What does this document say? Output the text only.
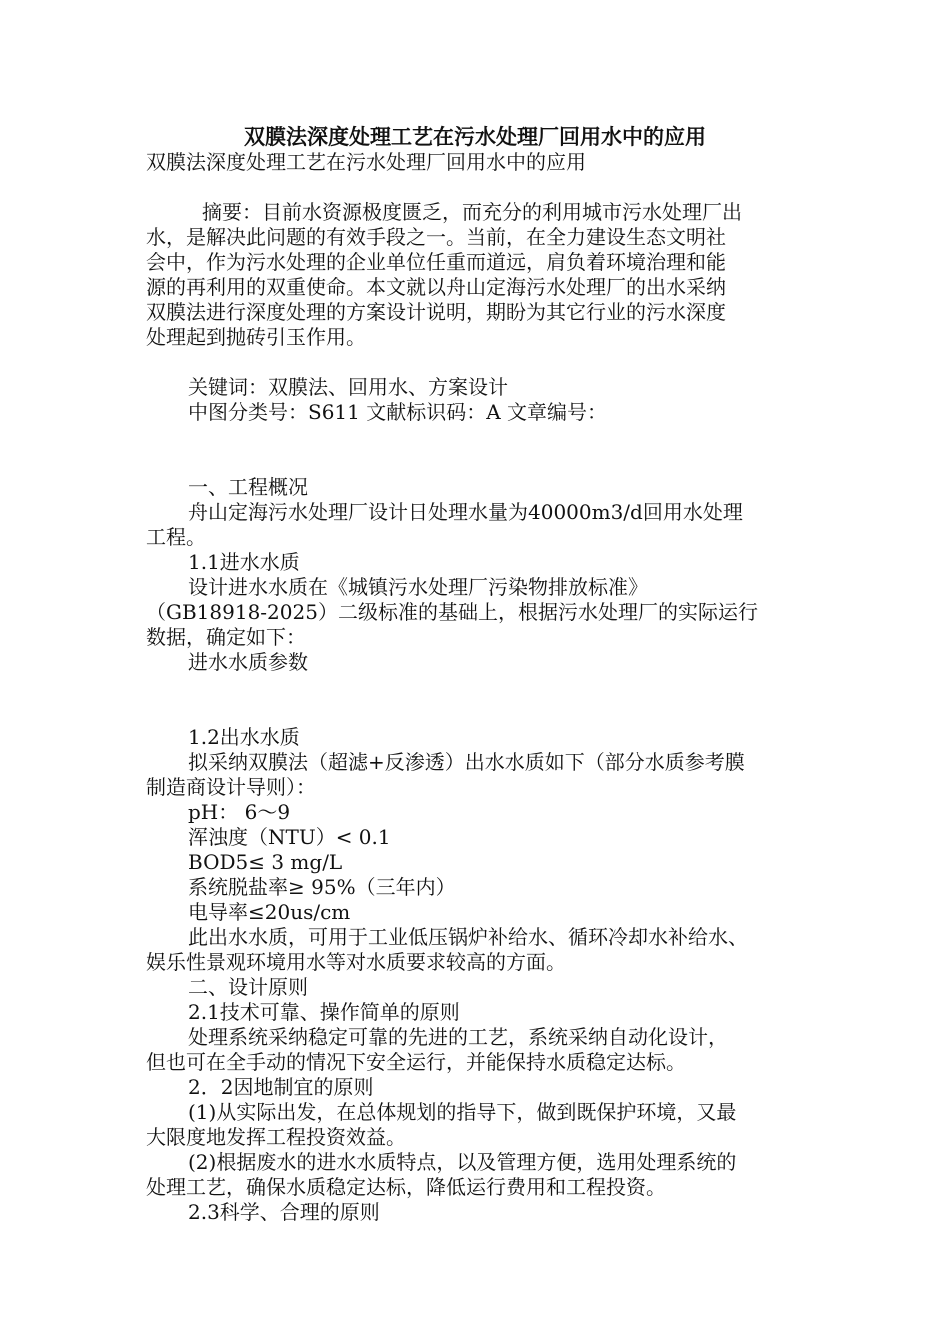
双膜法深度处理工艺在污水处理厂回用水中的应用
双膜法深度处理工艺在污水处理厂回用水中的应用
摘要：目前水资源极度匮乏，而充分的利用城市污水处理厂出
水，是解决此问题的有效手段之一。当前，在全力建设生态文明社
会中，作为污水处理的企业单位任重而道远，肩负着环境治理和能
源的再利用的双重使命。本文就以舟山定海污水处理厂的出水采纳
双膜法进行深度处理的方案设计说明，期盼为其它行业的污水深度
处理起到抛砖引玉作用。
关键词：双膜法、回用水、方案设计
中图分类号：S611 文献标识码：A 文章编号：
一、工程概况
舟山定海污水处理厂设计日处理水量为40000m3/d回用水处理
工程。
1.1进水水质
设计进水水质在《城镇污水处理厂污染物排放标准》
（GB18918-2025）二级标准的基础上，根据污水处理厂的实际运行
数据，确定如下：
进水水质参数
1.2出水水质
拟采纳双膜法（超滤+反渗透）出水水质如下（部分水质参考膜
制造商设计导则）：
pH： 6～9
浑浊度（NTU）< 0.1
BOD5≤ 3 mg/L
系统脱盐率≥ 95%（三年内）
电导率≤20us/cm
此出水水质，可用于工业低压锅炉补给水、循环冷却水补给水、
娱乐性景观环境用水等对水质要求较高的方面。
二、设计原则
2.1技术可靠、操作简单的原则
处理系统采纳稳定可靠的先进的工艺，系统采纳自动化设计，
但也可在全手动的情况下安全运行，并能保持水质稳定达标。
2．2因地制宜的原则
(1)从实际出发，在总体规划的指导下，做到既保护环境，又最
大限度地发挥工程投资效益。
(2)根据废水的进水水质特点，以及管理方便，选用处理系统的
处理工艺，确保水质稳定达标，降低运行费用和工程投资。
2.3科学、合理的原则
